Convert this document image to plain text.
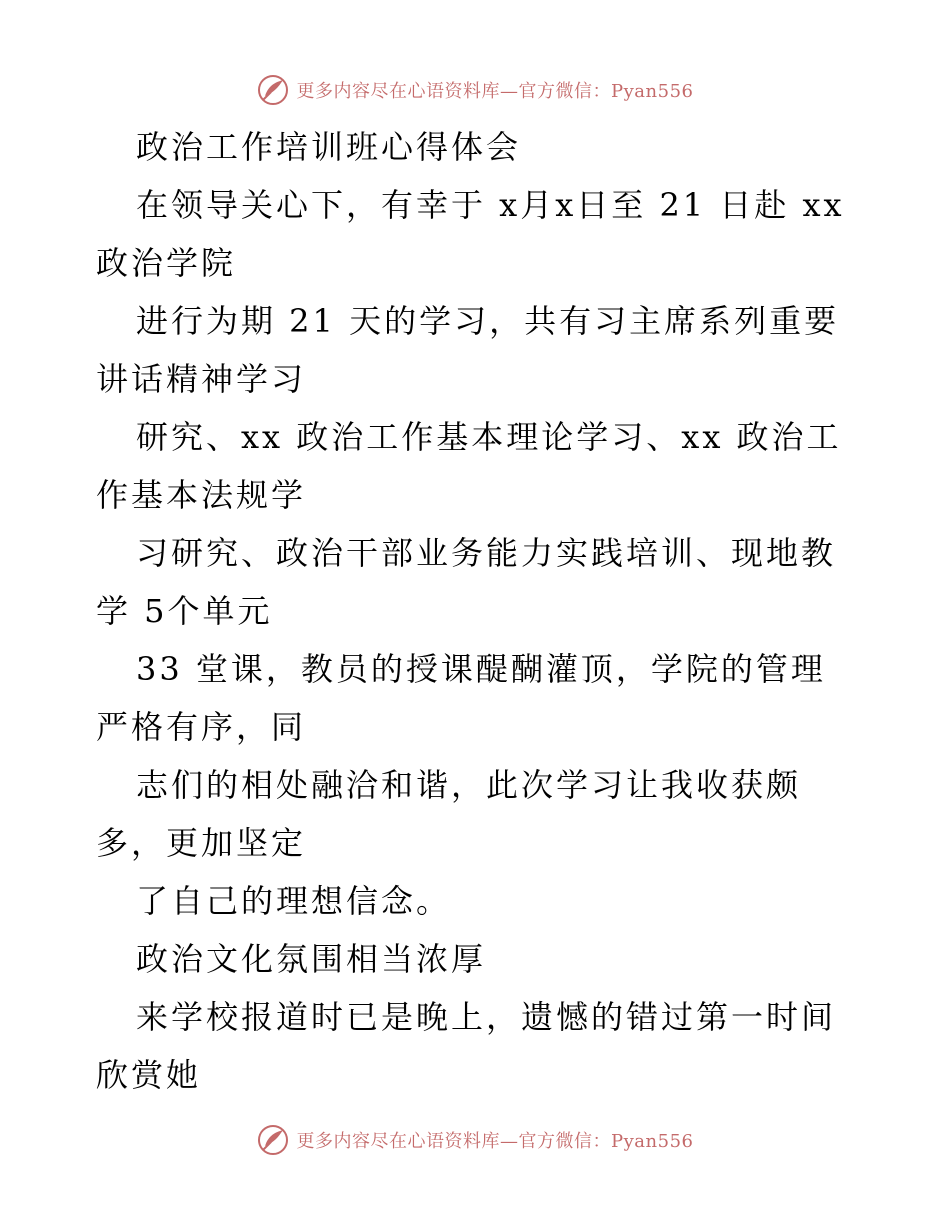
更多内容尽在心语资料库—官方微信：Pyan556

政治工作培训班心得体会

在领导关心下，有幸于 x月x日至 21 日赴 xx 政治学院

进行为期 21 天的学习，共有习主席系列重要讲话精神学习

研究、xx 政治工作基本理论学习、xx 政治工作基本法规学

习研究、政治干部业务能力实践培训、现地教学 5个单元

33 堂课，教员的授课醍醐灌顶，学院的管理严格有序，同

志们的相处融洽和谐，此次学习让我收获颇多，更加坚定

了自己的理想信念。

政治文化氛围相当浓厚

来学校报道时已是晚上，遗憾的错过第一时间欣赏她

更多内容尽在心语资料库—官方微信：Pyan556
